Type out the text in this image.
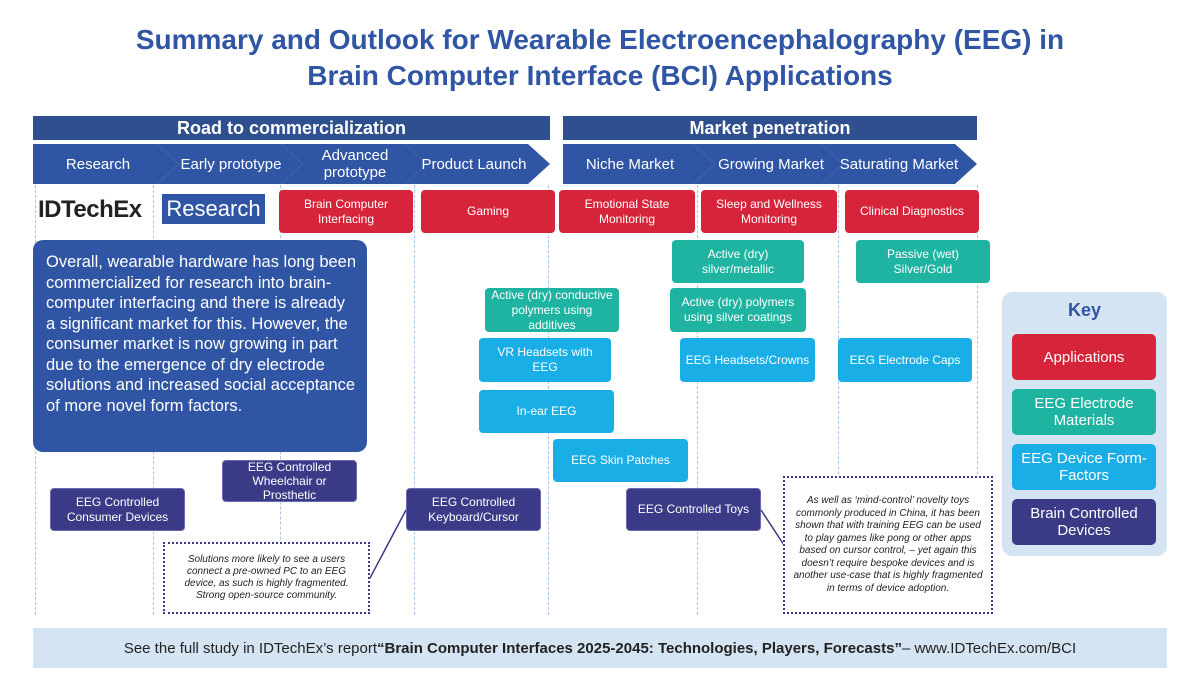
Summary and Outlook for Wearable Electroencephalography (EEG) in
Brain Computer Interface (BCI) Applications
Road to commercialization	Market penetration
Research	Early prototype	Advanced prototype	Product Launch	Niche Market	Growing Market	Saturating Market
IDTechEx Research	Brain Computer Interfacing
Gaming
Emotional State Monitoring
Sleep and Wellness Monitoring
Clinical Diagnostics
Overall, wearable hardware has long been commercialized for research into brain-computer interfacing and there is already a significant market for this. However, the consumer market is now growing in part due to the emergence of dry electrode solutions and increased social acceptance of more novel form factors.
Active (dry) silver/metallic
Passive (wet) Silver/Gold
Active (dry) conductive polymers using additives
Active (dry) polymers using silver coatings
VR Headsets with EEG
EEG Headsets/Crowns	EEG Electrode Caps
In-ear EEG
EEG Skin Patches
EEG Controlled Wheelchair or Prosthetic
EEG Controlled Consumer Devices
EEG Controlled Keyboard/Cursor
EEG Controlled Toys
Solutions more likely to see a users connect a pre-owned PC to an EEG device, as such is highly fragmented. Strong open-source community.
As well as ‘mind-control’ novelty toys commonly produced in China, it has been shown that with training EEG can be used to play games like pong or other apps based on cursor control, – yet again this doesn’t require bespoke devices and is another use-case that is highly fragmented in terms of device adoption.
Key
Applications
EEG Electrode Materials
EEG Device Form-Factors
Brain Controlled Devices
See the full study in IDTechEx’s report “Brain Computer Interfaces 2025-2045: Technologies, Players, Forecasts” – www.IDTechEx.com/BCI
